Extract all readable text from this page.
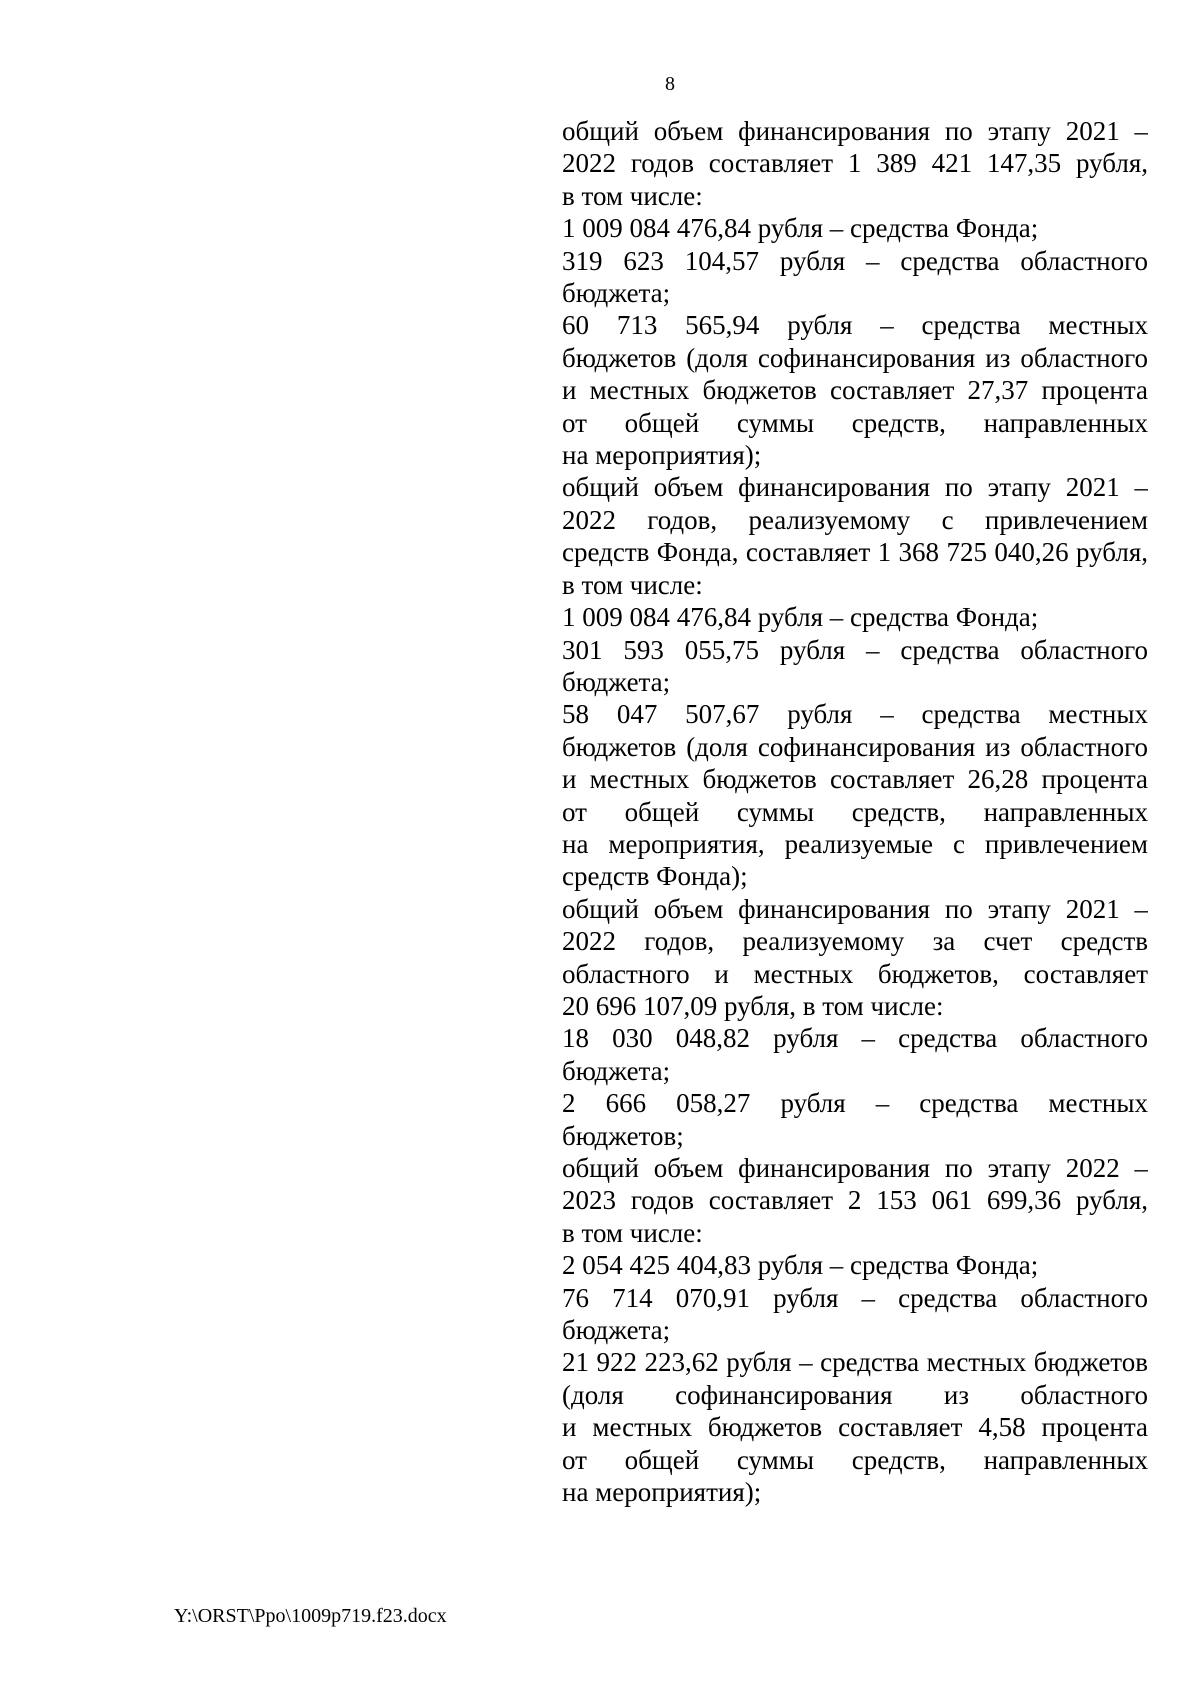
8
общий объем финансирования по этапу 2021 –
2022 годов составляет 1 389 421 147,35 рубля,
в том числе:
1 009 084 476,84 рубля – средства Фонда;
319 623 104,57 рубля – средства областного
бюджета;
60 713 565,94 рубля – средства местных
бюджетов (доля софинансирования из областного
и местных бюджетов составляет 27,37 процента
от общей суммы средств, направленных
на мероприятия);
общий объем финансирования по этапу 2021 –
2022 годов, реализуемому с привлечением
средств Фонда, составляет 1 368 725 040,26 рубля,
в том числе:
1 009 084 476,84 рубля – средства Фонда;
301 593 055,75 рубля – средства областного
бюджета;
58 047 507,67 рубля – средства местных
бюджетов (доля софинансирования из областного
и местных бюджетов составляет 26,28 процента
от общей суммы средств, направленных
на мероприятия, реализуемые с привлечением
средств Фонда);
общий объем финансирования по этапу 2021 –
2022 годов, реализуемому за счет средств
областного и местных бюджетов, составляет
20 696 107,09 рубля, в том числе:
18 030 048,82 рубля – средства областного
бюджета;
2 666 058,27 рубля – средства местных
бюджетов;
общий объем финансирования по этапу 2022 –
2023 годов составляет 2 153 061 699,36 рубля,
в том числе:
2 054 425 404,83 рубля – средства Фонда;
76 714 070,91 рубля – средства областного
бюджета;
21 922 223,62 рубля – средства местных бюджетов
(доля софинансирования из областного
и местных бюджетов составляет 4,58 процента
от общей суммы средств, направленных
на мероприятия);
Y:\ORST\Ppo\1009p719.f23.docx
